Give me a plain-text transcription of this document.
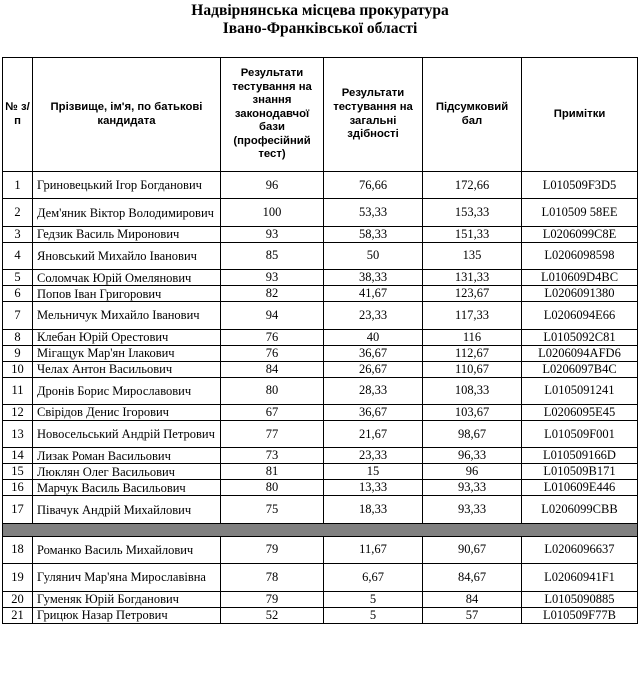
Надвірнянська місцева прокуратура
Івано-Франківської області
№ з/п	Прізвище, ім'я, по батькові кандидата	Результати тестування на знання законодавчої бази (професійний тест)	Результати тестування на загальні здібності	Підсумковий бал	Примітки
1	Гриновецький Ігор Богданович	96	76,66	172,66	L010509F3D5
2	Дем'яник Віктор Володимирович	100	53,33	153,33	L010509 58EE
3	Гедзик Василь Миронович	93	58,33	151,33	L0206099C8E
4	Яновський Михайло Іванович	85	50	135	L0206098598
5	Соломчак Юрій Омелянович	93	38,33	131,33	L010609D4BC
6	Попов Іван Григорович	82	41,67	123,67	L0206091380
7	Мельничук Михайло Іванович	94	23,33	117,33	L0206094E66
8	Клебан Юрій Орестович	76	40	116	L0105092C81
9	Мігащук Мар'ян Ілакович	76	36,67	112,67	L0206094AFD6
10	Челах Антон Васильович	84	26,67	110,67	L0206097B4C
11	Дронів Борис Мирославович	80	28,33	108,33	L0105091241
12	Свірідов Денис Ігорович	67	36,67	103,67	L0206095E45
13	Новосельський Андрій Петрович	77	21,67	98,67	L010509F001
14	Лизак Роман Васильович	73	23,33	96,33	L010509166D
15	Люклян Олег Васильович	81	15	96	L010509B171
16	Марчук Василь Васильович	80	13,33	93,33	L010609E446
17	Півачук Андрій Михайлович	75	18,33	93,33	L0206099CBB

18	Романко Василь Михайлович	79	11,67	90,67	L0206096637
19	Гулянич Мар'яна Мирославівна	78	6,67	84,67	L02060941F1
20	Гуменяк Юрій Богданович	79	5	84	L0105090885
21	Грицюк Назар Петрович	52	5	57	L010509F77B
